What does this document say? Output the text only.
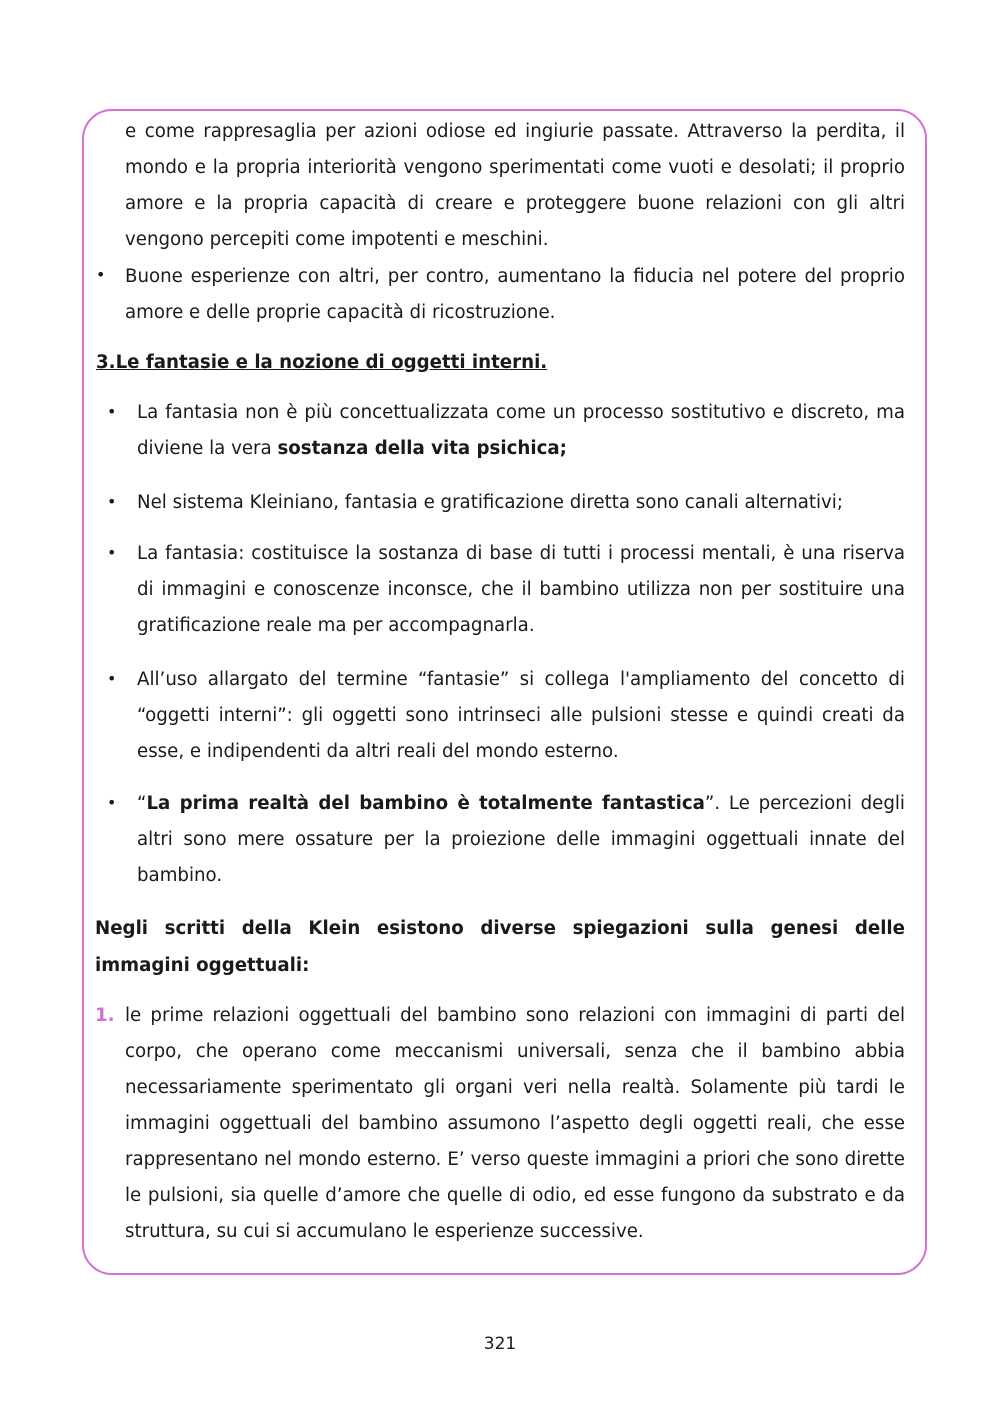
e come rappresaglia per azioni odiose ed ingiurie passate. Attraverso la perdita, il mondo e la propria interiorità vengono sperimentati come vuoti e desolati; il proprio amore e la propria capacità di creare e proteggere buone relazioni con gli altri vengono percepiti come impotenti e meschini.
• Buone esperienze con altri, per contro, aumentano la fiducia nel potere del proprio amore e delle proprie capacità di ricostruzione.
3.Le fantasie e la nozione di oggetti interni.
• La fantasia non è più concettualizzata come un processo sostitutivo e discreto, ma diviene la vera sostanza della vita psichica;
• Nel sistema Kleiniano, fantasia e gratificazione diretta sono canali alternativi;
• La fantasia: costituisce la sostanza di base di tutti i processi mentali, è una riserva di immagini e conoscenze inconsce, che il bambino utilizza non per sostituire una gratificazione reale ma per accompagnarla.
• All’uso allargato del termine “fantasie” si collega l'ampliamento del concetto di “oggetti interni”: gli oggetti sono intrinseci alle pulsioni stesse e quindi creati da esse, e indipendenti da altri reali del mondo esterno.
• “La prima realtà del bambino è totalmente fantastica”. Le percezioni degli altri sono mere ossature per la proiezione delle immagini oggettuali innate del bambino.
Negli scritti della Klein esistono diverse spiegazioni sulla genesi delle immagini oggettuali:
1. le prime relazioni oggettuali del bambino sono relazioni con immagini di parti del corpo, che operano come meccanismi universali, senza che il bambino abbia necessariamente sperimentato gli organi veri nella realtà. Solamente più tardi le immagini oggettuali del bambino assumono l’aspetto degli oggetti reali, che esse rappresentano nel mondo esterno. E’ verso queste immagini a priori che sono dirette le pulsioni, sia quelle d’amore che quelle di odio, ed esse fungono da substrato e da struttura, su cui si accumulano le esperienze successive.
321
